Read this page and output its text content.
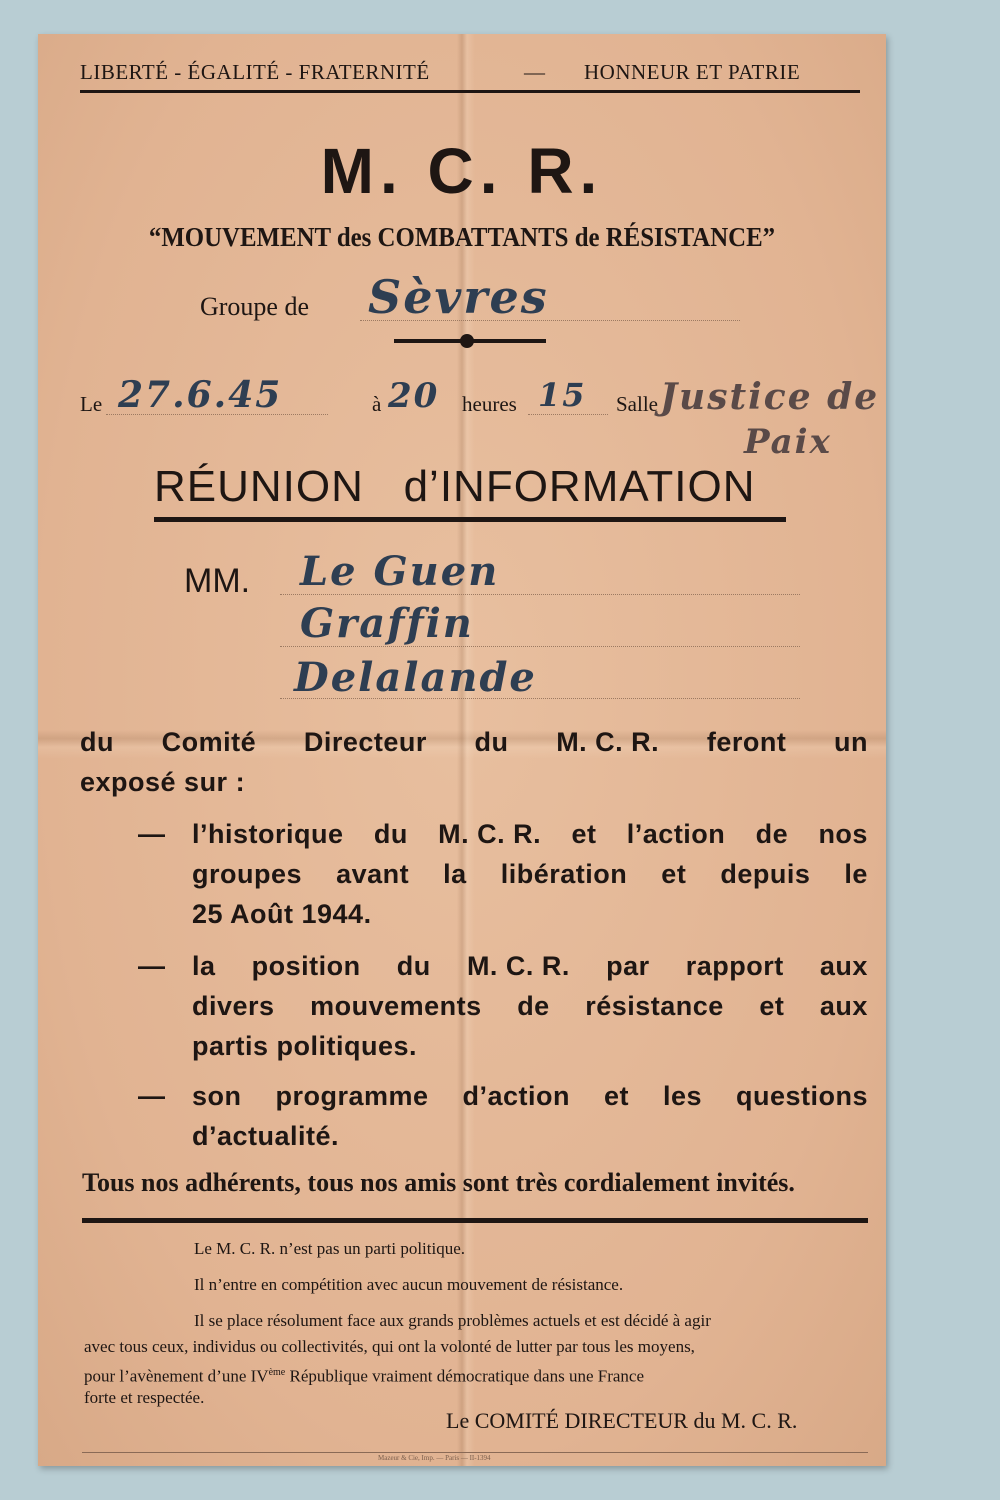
LIBERTÉ - ÉGALITÉ - FRATERNITÉ	— HONNEUR ET PATRIE
M. C. R.
“MOUVEMENT des COMBATTANTS de RÉSISTANCE”
Groupe de Sèvres
Le 27.6.45	à 20 heures 15 Salle Justice de
Paix
RÉUNION   d’INFORMATION
MM. Le Guen
Graffin
Delalande
du Comité Directeur du M. C. R. feront un
exposé sur :
— l’historique du M. C. R. et l’action de nos
groupes avant la libération et depuis le
25 Août 1944.
— la position du M. C. R. par rapport aux
divers mouvements de résistance et aux
partis politiques.
— son programme d’action et les questions
d’actualité.
Tous nos adhérents, tous nos amis sont très cordialement invités.
Le M. C. R. n’est pas un parti politique.
Il n’entre en compétition avec aucun mouvement de résistance.
Il se place résolument face aux grands problèmes actuels et est décidé à agir
avec tous ceux, individus ou collectivités, qui ont la volonté de lutter par tous les moyens,
pour l’avènement d’une IVème République vraiment démocratique dans une France
forte et respectée.
Le COMITÉ DIRECTEUR du M. C. R.
Mazeur & Cie, Imp. — Paris — II-1394
